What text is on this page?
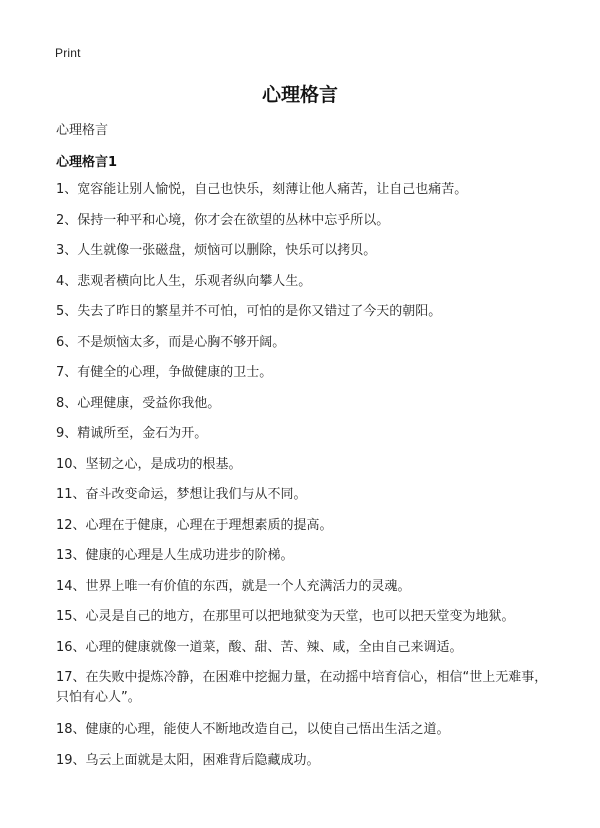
Print
心理格言
心理格言
心理格言1
1、宽容能让别人愉悦，自己也快乐，刻薄让他人痛苦，让自己也痛苦。
2、保持一种平和心境，你才会在欲望的丛林中忘乎所以。
3、人生就像一张磁盘，烦恼可以删除，快乐可以拷贝。
4、悲观者横向比人生，乐观者纵向攀人生。
5、失去了昨日的繁星并不可怕，可怕的是你又错过了今天的朝阳。
6、不是烦恼太多，而是心胸不够开阔。
7、有健全的心理，争做健康的卫士。
8、心理健康，受益你我他。
9、精诚所至，金石为开。
10、坚韧之心，是成功的根基。
11、奋斗改变命运，梦想让我们与从不同。
12、心理在于健康，心理在于理想素质的提高。
13、健康的心理是人生成功进步的阶梯。
14、世界上唯一有价值的东西，就是一个人充满活力的灵魂。
15、心灵是自己的地方，在那里可以把地狱变为天堂，也可以把天堂变为地狱。
16、心理的健康就像一道菜，酸、甜、苦、辣、咸，全由自己来调适。
17、在失败中提炼冷静，在困难中挖掘力量，在动摇中培育信心，相信“世上无难事，只怕有心人”。
18、健康的心理，能使人不断地改造自己，以使自己悟出生活之道。
19、乌云上面就是太阳，困难背后隐藏成功。
